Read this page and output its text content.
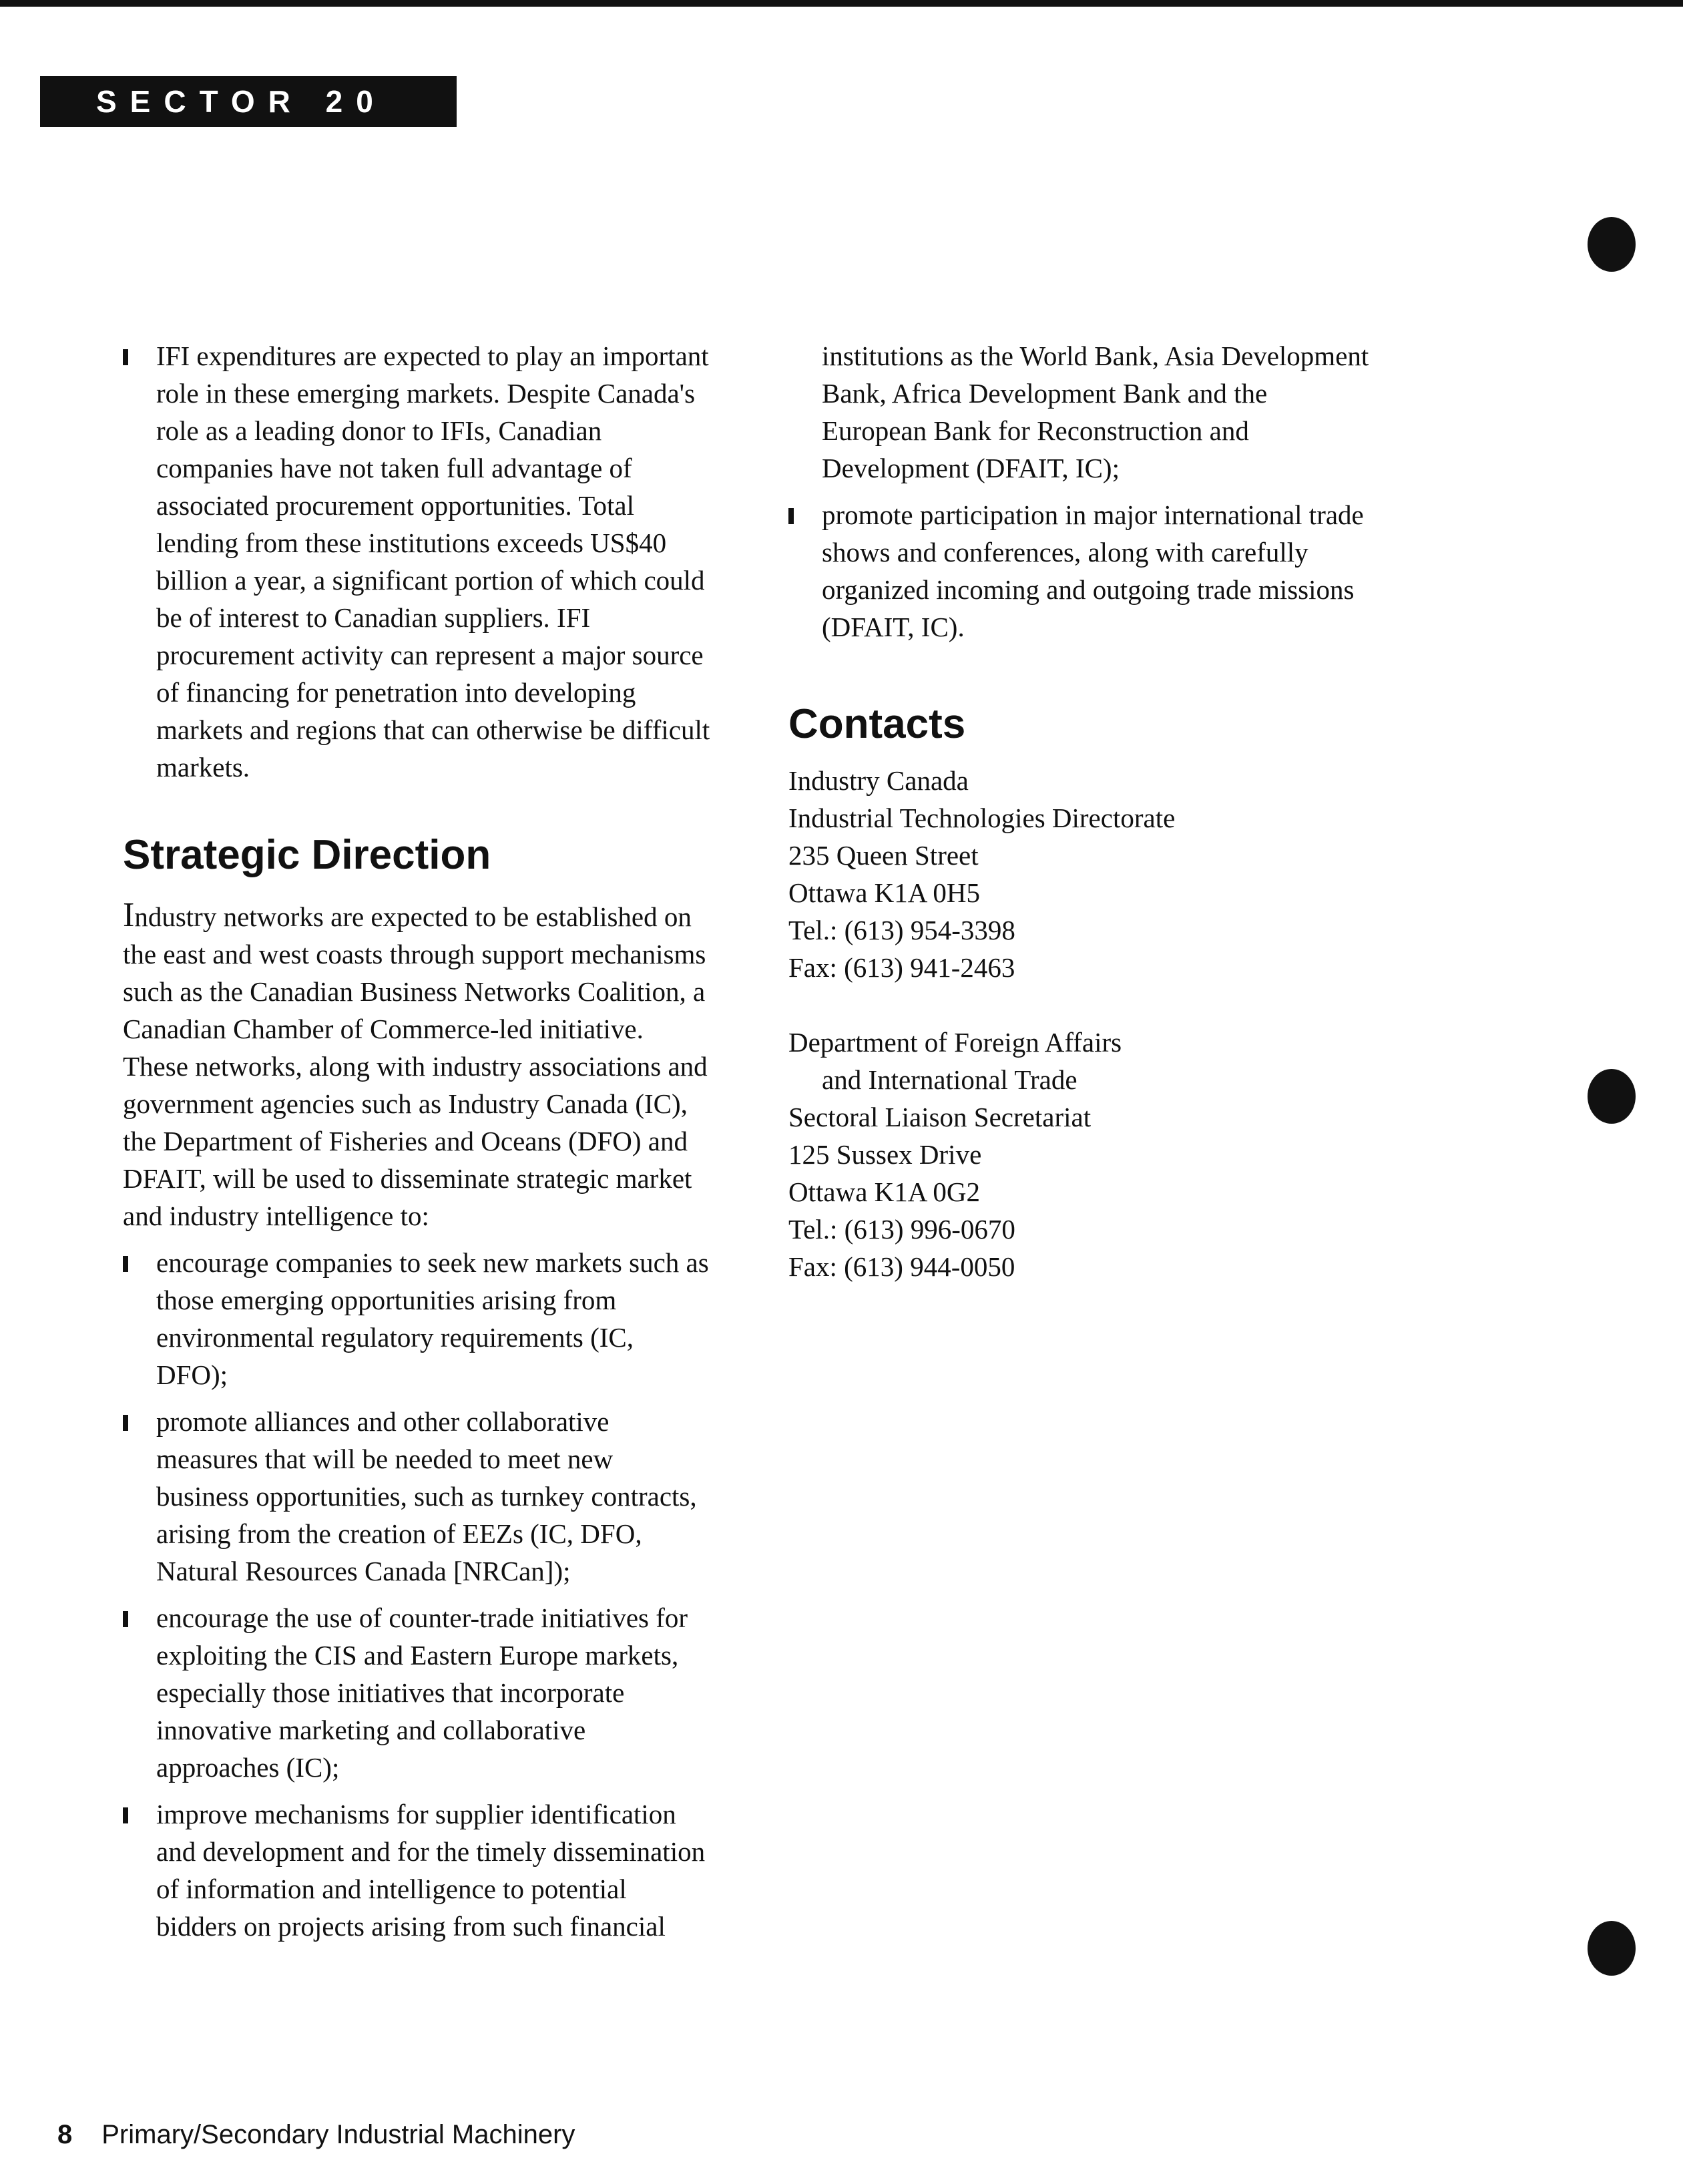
SECTOR 20
IFI expenditures are expected to play an important role in these emerging markets. Despite Canada's role as a leading donor to IFIs, Canadian companies have not taken full advantage of associated procurement opportunities. Total lending from these institutions exceeds US$40 billion a year, a significant portion of which could be of interest to Canadian suppliers. IFI procurement activity can represent a major source of financing for penetration into developing markets and regions that can otherwise be difficult markets.
Strategic Direction

Industry networks are expected to be established on the east and west coasts through support mechanisms such as the Canadian Business Networks Coalition, a Canadian Chamber of Commerce-led initiative. These networks, along with industry associations and government agencies such as Industry Canada (IC), the Department of Fisheries and Oceans (DFO) and DFAIT, will be used to disseminate strategic market and industry intelligence to:

encourage companies to seek new markets such as those emerging opportunities arising from environmental regulatory requirements (IC, DFO);
promote alliances and other collaborative measures that will be needed to meet new business opportunities, such as turnkey contracts, arising from the creation of EEZs (IC, DFO, Natural Resources Canada [NRCan]);
encourage the use of counter-trade initiatives for exploiting the CIS and Eastern Europe markets, especially those initiatives that incorporate innovative marketing and collaborative approaches (IC);
improve mechanisms for supplier identification and development and for the timely dissemination of information and intelligence to potential bidders on projects arising from such financial

institutions as the World Bank, Asia Development Bank, Africa Development Bank and the European Bank for Reconstruction and Development (DFAIT, IC);

promote participation in major international trade shows and conferences, along with carefully organized incoming and outgoing trade missions (DFAIT, IC).
Contacts
Industry Canada
Industrial Technologies Directorate
235 Queen Street
Ottawa K1A 0H5
Tel.: (613) 954-3398
Fax: (613) 941-2463
Department of Foreign Affairs
and International Trade
Sectoral Liaison Secretariat
125 Sussex Drive
Ottawa K1A 0G2
Tel.: (613) 996-0670
Fax: (613) 944-0050
8 Primary/Secondary Industrial Machinery
